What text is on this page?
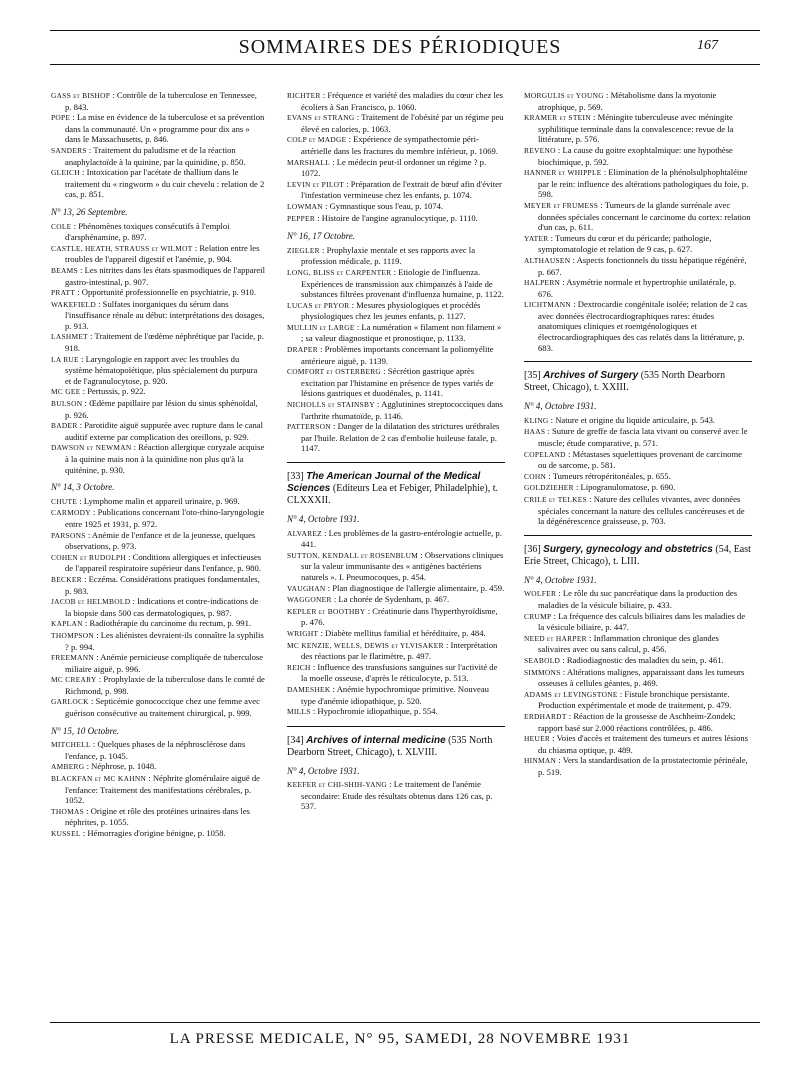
SOMMAIRES DES PÉRIODIQUES	167
GASS et BISHOP : Contrôle de la tuberculose en Tennessee, p. 843.
POPE : La mise en évidence de la tuberculose et sa prévention dans la communauté. Un « programme pour dix ans » dans le Massachusetts, p. 846.
SANDERS : Traitement du paludisme et de la réaction anaphylactoïde à la quinine, par la quinidine, p. 850.
GLEICH : Intoxication par l'acétate de thallium dans le traitement du « ringworm » du cuir chevelu : relation de 2 cas, p. 851.
N° 13, 26 Septembre.
COLE : Phénomènes toxiques consécutifs à l'emploi d'arsphénamine, p. 897.
CASTLE, HEATH, STRAUSS et WILMOT : Relation entre les troubles de l'appareil digestif et l'anémie, p. 904.
BEAMS : Les nitrites dans les états spasmodiques de l'appareil gastro-intestinal, p. 907.
PRATT : Opportunité professionnelle en psychiatrie, p. 910.
WAKEFIELD : Sulfates inorganiques du sérum dans l'insuffisance rénale au début: interprétations des dosages, p. 913.
LASHMET : Traitement de l'œdème néphrétique par l'acide, p. 918.
LA RUE : Laryngologie en rapport avec les troubles du système hématopoïétique, plus spécialement du purpura et de l'agranulocytose, p. 920.
MC GEE : Pertussis, p. 922.
BULSON : Œdème papillaire par lésion du sinus sphénoïdal, p. 926.
BADER : Parotidite aiguë suppurée avec rupture dans le canal auditif externe par complication des oreillons, p. 929.
DAWSON et NEWMAN : Réaction allergique coryzale acquise à la quinine mais non à la quinidine non plus qu'à la quiténine, p. 930.
N° 14, 3 Octobre.
CHUTE : Lymphome malin et appareil urinaire, p. 969.
CARMODY : Publications concernant l'oto-rhino-laryngologie entre 1925 et 1931, p. 972.
PARSONS : Anémie de l'enfance et de la jeunesse, quelques observations, p. 973.
COHEN et RUDOLPH : Conditions allergiques et infectieuses de l'appareil respiratoire supérieur dans l'enfance, p. 980.
BECKER : Eczéma. Considérations pratiques fondamentales, p. 983.
JACOB et HELMBOLD : Indications et contre-indications de la biopsie dans 500 cas dermatologiques, p. 987.
KAPLAN : Radiothérapie du carcinome du rectum, p. 991.
THOMPSON : Les aliénistes devraient-ils connaître la syphilis ? p. 994.
FREEMANN : Anémie pernicieuse compliquée de tuberculose miliaire aiguë, p. 996.
MC CREARY : Prophylaxie de la tuberculose dans le comté de Richmond, p. 998.
GARLOCK : Septicémie gonococcique chez une femme avec guérison consécutive au traitement chirurgical, p. 999.
N° 15, 10 Octobre.
MITCHELL : Quelques phases de la néphrosclérose dans l'enfance, p. 1045.
AMBERG : Néphrose, p. 1048.
BLACKFAN et MC KAHNN : Néphrite glomérulaire aiguë de l'enfance: Traitement des manifestations cérébrales, p. 1052.
THOMAS : Origine et rôle des protéines urinaires dans les néphrites, p. 1055.
KUSSEL : Hémorragies d'origine bénigne, p. 1058.
RICHTER : Fréquence et variété des maladies du cœur chez les écoliers à San Francisco, p. 1060.
EVANS et STRANG : Traitement de l'obésité par un régime peu élevé en calories, p. 1063.
COLP et MADGE : Expérience de sympathectomie péri-artérielle dans les fractures du membre inférieur, p. 1069.
MARSHALL : Le médecin peut-il ordonner un régime ? p. 1072.
LEVIN et PILOT : Préparation de l'extrait de bœuf afin d'éviter l'infestation vermineuse chez les enfants, p. 1074.
LOWMAN : Gymnastique sous l'eau, p. 1074.
PEPPER : Histoire de l'angine agranulocytique, p. 1110.
N° 16, 17 Octobre.
ZIEGLER : Prophylaxie mentale et ses rapports avec la profession médicale, p. 1119.
LONG, BLISS et CARPENTER : Etiologie de l'influenza. Expériences de transmission aux chimpanzés à l'aide de substances filtrées provenant d'influenza humaine, p. 1122.
LUCAS et PRYOR : Mesures physiologiques et procédés physiologiques chez les jeunes enfants, p. 1127.
MULLIN et LARGE : La numération « filament non filament » ; sa valeur diagnostique et pronostique, p. 1133.
DRAPER : Problèmes importants concernant la poliomyélite antérieure aiguë, p. 1139.
COMFORT et OSTERBERG : Sécrétion gastrique après excitation par l'histamine en présence de types variés de lésions gastriques et duodénales, p. 1141.
NICHOLLS et STAINSBY : Agglutinines streptococciques dans l'arthrite rhumatoïde, p. 1146.
PATTERSON : Danger de la dilatation des strictures uréthrales par l'huile. Relation de 2 cas d'embolie huileuse fatale, p. 1147.
[33] The American Journal of the Medical Sciences (Editeurs Lea et Febiger, Philadelphie), t. CLXXXII.
N° 4, Octobre 1931.
ALVAREZ : Les problèmes de la gastro-entérologie actuelle, p. 441.
SUTTON, KENDALL et ROSENBLUM : Observations cliniques sur la valeur immunisante des « antigènes bactériens naturels ». I. Pneumocoques, p. 454.
VAUGHAN : Plan diagnostique de l'allergie alimentaire, p. 459.
WAGGONER : La chorée de Sydenham, p. 467.
KEPLER et BOOTHBY : Créatinurie dans l'hyperthyroïdisme, p. 476.
WRIGHT : Diabète mellitus familial et héréditaire, p. 484.
MC KENZIE, WELLS, DEWIS et YLVISAKER : Interprétation des réactions par le flarimètre, p. 497.
REICH : Influence des transfusions sanguines sur l'activité de la moelle osseuse, d'après le réticulocyte, p. 513.
DAMESHEK : Anémie hypochromique primitive. Nouveau type d'anémie idiopathique, p. 520.
MILLS : Hypochromie idiopathique, p. 554.
[34] Archives of internal medicine (535 North Dearborn Street, Chicago), t. XLVIII.
N° 4, Octobre 1931.
KEEFER et CHI-SHIH-YANG : Le traitement de l'anémie secondaire: Etude des résultats obtenus dans 126 cas, p. 537.
MORGULIS et YOUNG : Métabolisme dans la myotonie atrophique, p. 569.
KRAMER et STEIN : Méningite tuberculeuse avec méningite syphilitique terminale dans la convalescence: revue de la littérature, p. 576.
REVENO : La cause du goitre exophtalmique: une hypothèse biochimique, p. 592.
HANNER et WHIPPLE : Elimination de la phénolsulphophtaléine par le rein: influence des altérations pathologiques du foie, p. 598.
MEYER et FRUMESS : Tumeurs de la glande surrénale avec données spéciales concernant le carcinome du cortex: relation d'un cas, p. 611.
YATER : Tumeurs du cœur et du péricarde; pathologie, symptomatologie et relation de 9 cas, p. 627.
ALTHAUSEN : Aspects fonctionnels du tissu hépatique régénéré, p. 667.
HALPERN : Asymétrie normale et hypertrophie unilatérale, p. 676.
LICHTMANN : Dextrocardie congénitale isolée; relation de 2 cas avec données électrocardiographiques rares: études anatomiques cliniques et roentgénologiques et électrocardiographiques des cas relatés dans la littérature, p. 683.
[35] Archives of Surgery (535 North Dearborn Street, Chicago), t. XXIII.
N° 4, Octobre 1931.
KLING : Nature et origine du liquide articulaire, p. 543.
HAAS : Suture de greffe de fascia lata vivant ou conservé avec le muscle; étude comparative, p. 571.
COPELAND : Métastases squelettiques provenant de carcinome ou de sarcome, p. 581.
COHN : Tumeurs rétropéritonéales, p. 655.
GOLDZIEHER : Lipogranulomatose, p. 690.
CRILE et TELKES : Nature des cellules vivantes, avec données spéciales concernant la nature des cellules cancéreuses et de la dégénérescence graisseuse, p. 703.
[36] Surgery, gynecology and obstetrics (54, East Erie Street, Chicago), t. LIII.
N° 4, Octobre 1931.
WOLFER : Le rôle du suc pancréatique dans la production des maladies de la vésicule biliaire, p. 433.
CRUMP : La fréquence des calculs biliaires dans les maladies de la vésicule biliaire, p. 447.
NEED et HARPER : Inflammation chronique des glandes salivaires avec ou sans calcul, p. 456.
SEABOLD : Radiodiagnostic des maladies du sein, p. 461.
SIMMONS : Altérations malignes, apparaissant dans les tumeurs osseuses à cellules géantes, p. 469.
ADAMS et LEVINGSTONE : Fistule bronchique persistante. Production expérimentale et mode de traitement, p. 479.
ERDHARDT : Réaction de la grossesse de Aschheim-Zondek; rapport basé sur 2.000 réactions contrôlées, p. 486.
HEUER : Voies d'accès et traitement des tumeurs et autres lésions du chiasma optique, p. 489.
HINMAN : Vers la standardisation de la prostatectomie périnéale, p. 519.
LA PRESSE MEDICALE, N° 95, SAMEDI, 28 NOVEMBRE 1931
